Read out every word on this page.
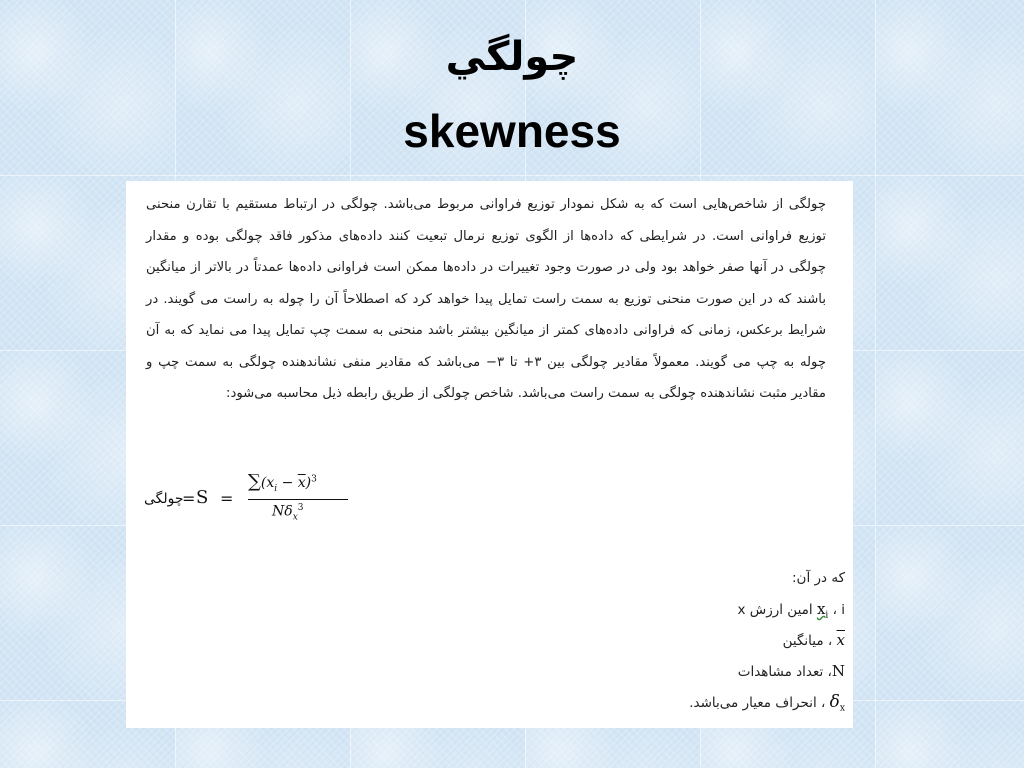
چولگي
skewness
چولگی از شاخص‌هایی است که به شکل نمودار توزیع فراوانی مربوط می‌باشد. چولگی در ارتباط مستقیم با تقارن منحنی توزیع فراوانی است. در شرایطی که داده‌ها از الگوی توزیع نرمال تبعیت کنند داده‌های مذکور فاقد چولگی بوده و مقدار چولگی در آنها صفر خواهد بود ولی در صورت وجود تغییرات در داده‌ها ممکن است فراوانی داده‌ها عمدتاً در بالاتر از میانگین باشند که در این صورت منحنی توزیع به سمت راست تمایل پیدا خواهد کرد که اصطلاحاً آن را چوله به راست می گویند. در شرایط برعکس، زمانی که فراوانی داده‌های کمتر از میانگین بیشتر باشد منحنی به سمت چپ تمایل پیدا می نماید که به آن چوله به چپ می گویند. معمولاً مقادیر چولگی بین ۳+ تا ۳− می‌باشد که مقادیر منفی نشاندهنده چولگی به سمت چپ و مقادیر مثبت نشاندهنده چولگی به سمت راست می‌باشد. شاخص چولگی از طریق رابطه ذیل محاسبه می‌شود:
چولگی
= S =
$\sum(x_i - \overline{x})^3$
$N\delta_x^3$
که در آن:
$x_i$ ، i امین ارزش x
x ، میانگین
N، تعداد مشاهدات
$\delta_x$ ، انحراف معیار می‌باشد.
